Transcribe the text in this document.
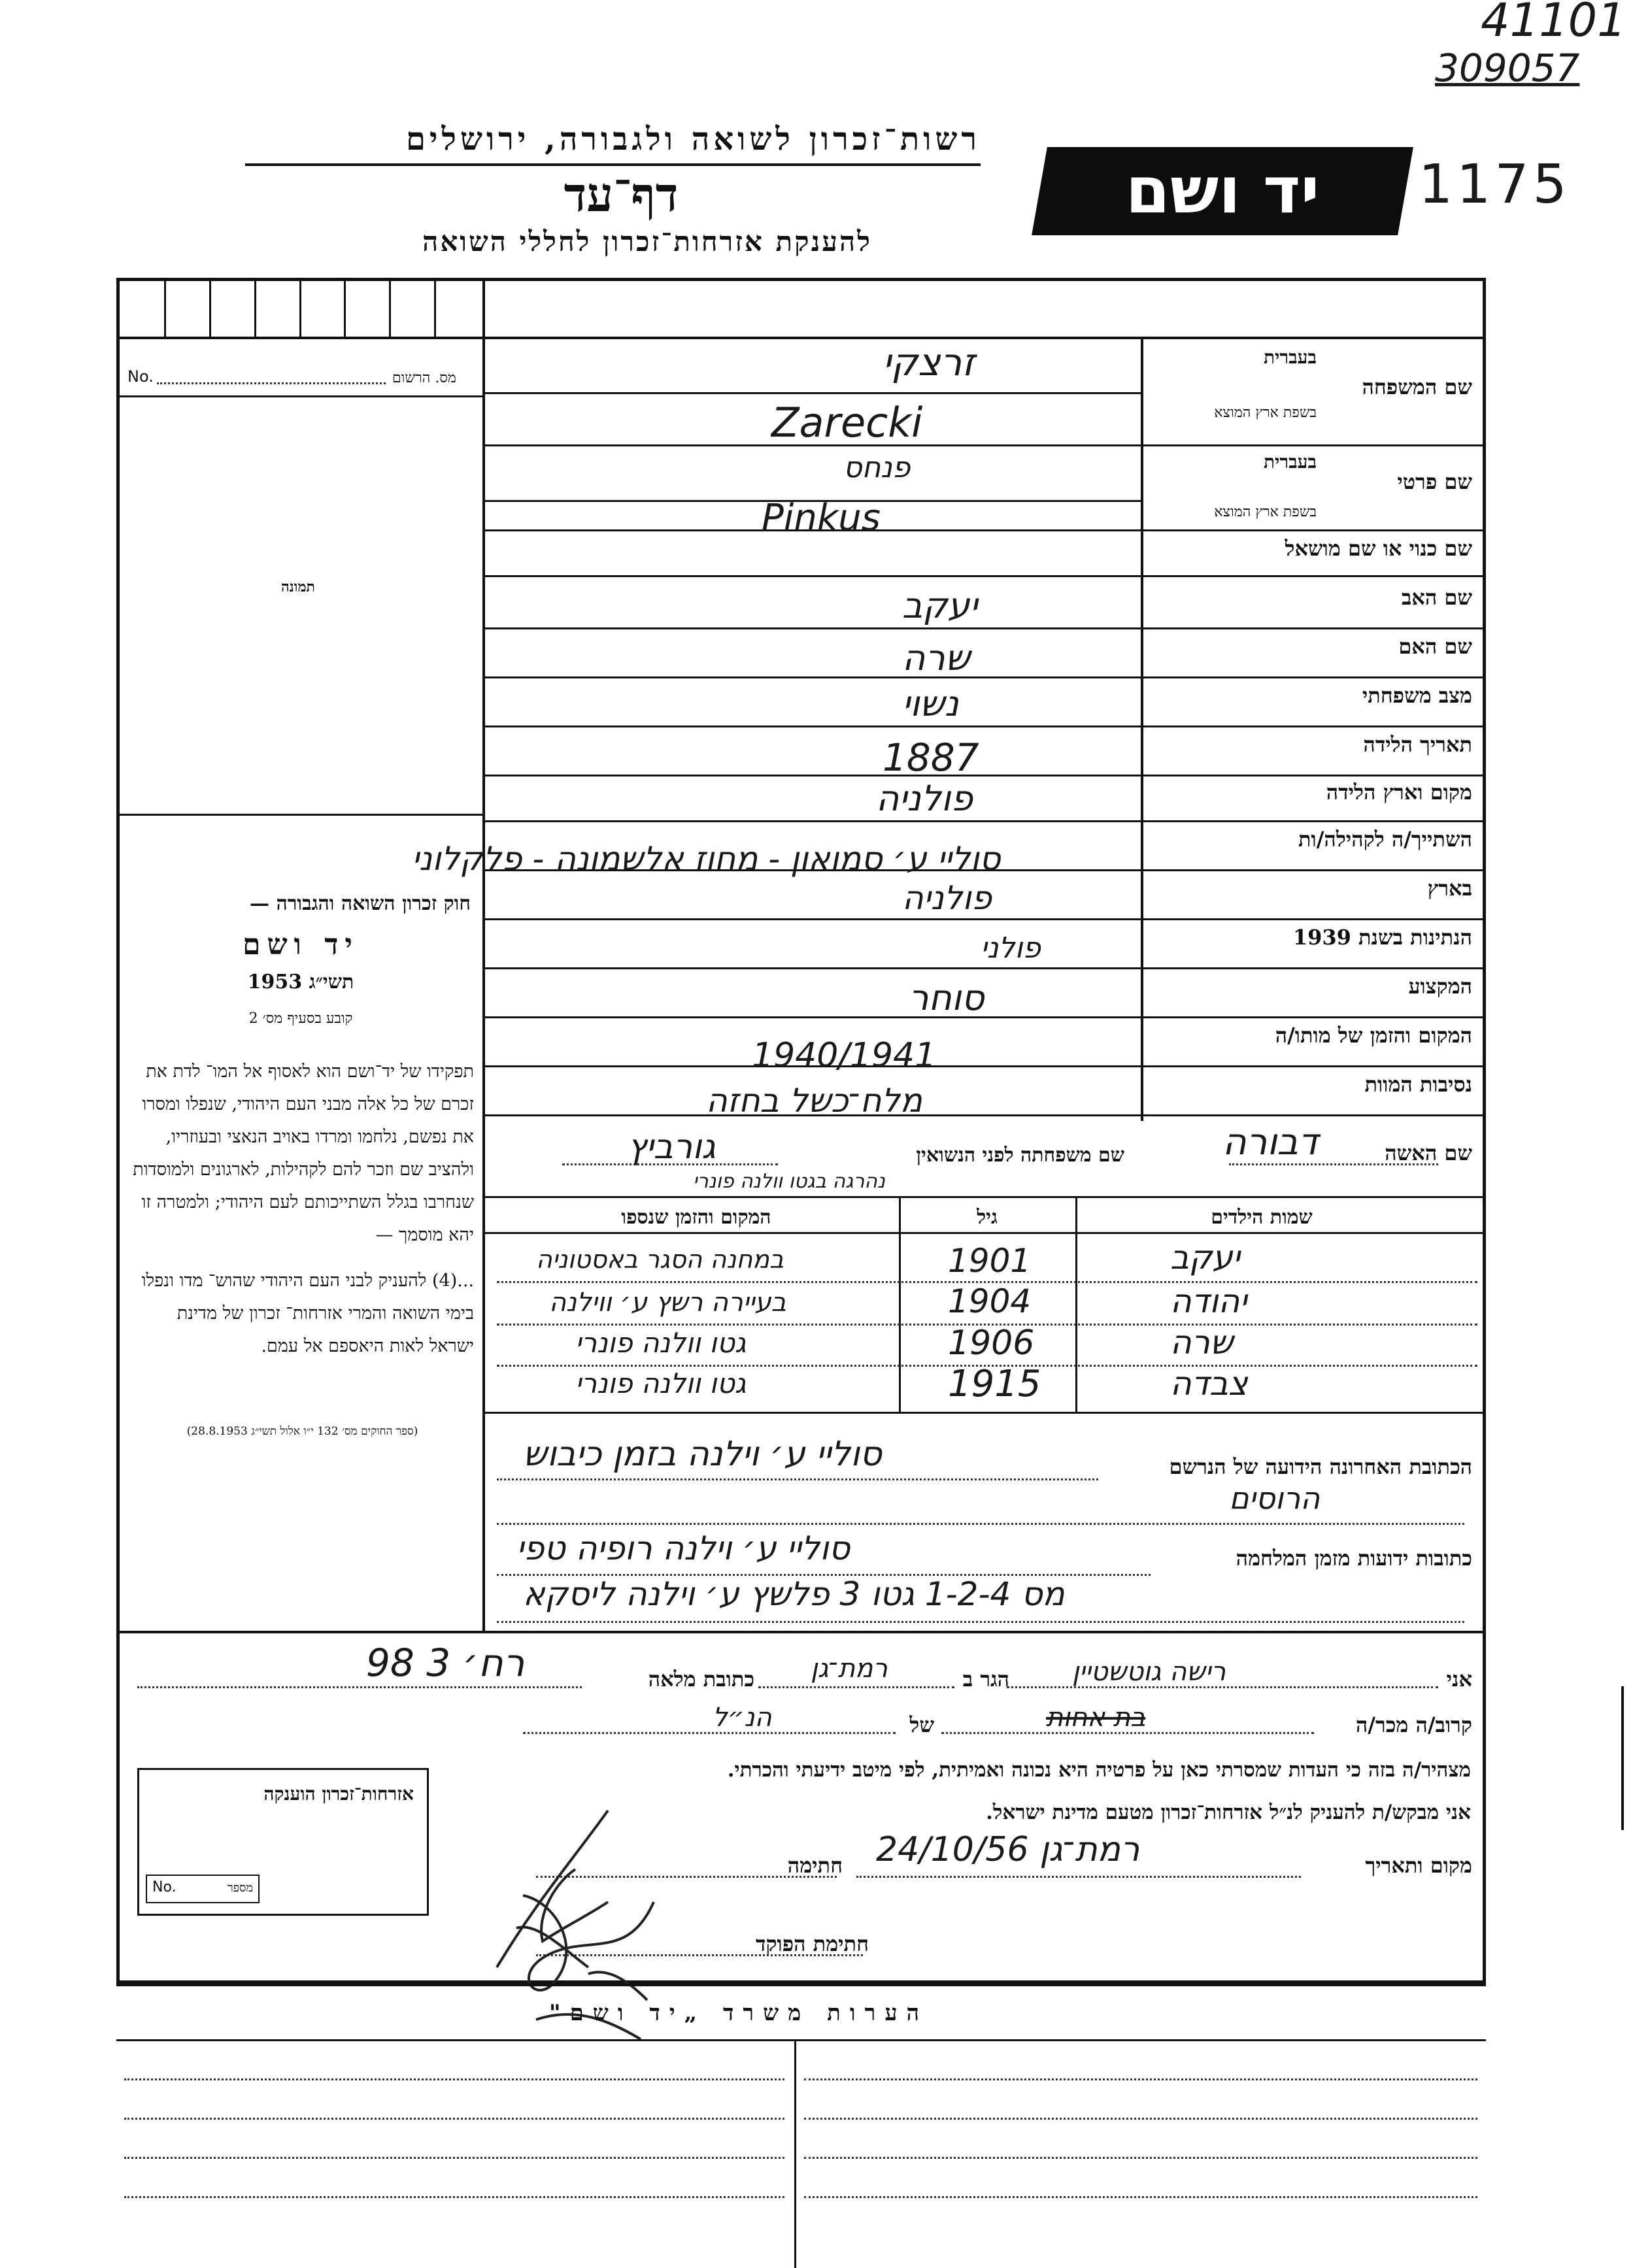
41101
309057
1175
רשות־זכרון לשואה ולגבורה, ירושלים
דף־עד
להענקת אזרחות־זכרון לחללי השואה
יד ושם
מס. הרשום
No.
תמונה
חוק זכרון השואה והגבורה —
יד ושם
תשי״ג 1953
קובע בסעיף מס׳ 2
תפקידו של יד־ושם הוא לאסוף אל המו־ לדת את זכרם של כל אלה מבני העם היהודי, שנפלו ומסרו את נפשם, נלחמו ומרדו באויב הנאצי ובעוזריו, ולהציב שם וזכר להם לקהילות, לארגונים ולמוסדות שנחרבו בגלל השתייכותם לעם היהודי; ולמטרה זו יהא מוסמך —
...(4) להעניק לבני העם היהודי שהוש־ מדו ונפלו בימי השואה והמרי אזרחות־ זכרון של מדינת ישראל לאות היאספם אל עמם.
(ספר החוקים מס׳ 132 י״ו אלול תשי״ג 28.8.1953)
שם המשפחה
בעברית
בשפת ארץ המוצא
שם פרטי
בעברית
בשפת ארץ המוצא
שם כנוי או שם מושאל
שם האב
שם האם
מצב משפחתי
תאריך הלידה
מקום וארץ הלידה
השתייך/ה לקהילה/ות
בארץ
הנתינות בשנת 1939
המקצוע
המקום והזמן של מותו/ה
נסיבות המוות
זרצקי
Zarecki
פנחס
Pinkus
יעקב
שרה
נשוי
1887
פולניה
סוליי ע׳ סמואון - מחוז אלשמונה - פלקלוני
פולניה
פולני
סוחר
1940/1941
מלח־כשל בחזה
שם האשה
דבורה
שם משפחתה לפני הנשואין
גורביץ
נהרגה בגטו וולנה פונרי
שמות הילדים
גיל
המקום והזמן שנספו
יעקב
1901
במחנה הסגר באסטוניה
יהודה
1904
בעיירה רשץ ע׳ ווילנה
שרה
1906
גטו וולנה פונרי
צבדה
1915
גטו וולנה פונרי
הכתובת האחרונה הידועה של הנרשם
סוליי ע׳ וילנה בזמן כיבוש
הרוסים
כתובות ידועות מזמן המלחמה
סוליי ע׳ וילנה רופיה טפי
מס 1-2-4 גטו 3 פלשץ ע׳ וילנה ליסקא
אני
רישה גוטשטיין
הגר ב
רמת־גן
כתובת מלאה
רח׳ 3 98
קרוב/ה מכר/ה
בת אחות
של
הנ״ל
מצהיר/ה בזה כי העדות שמסרתי כאן על פרטיה היא נכונה ואמיתית, לפי מיטב ידיעתי והכרתי.
אני מבקש/ת להעניק לנ״ל אזרחות־זכרון מטעם מדינת ישראל.
מקום ותאריך
רמת־גן 24/10/56
חתימה
חתימת הפוקד
אזרחות־זכרון הוענקה
No.	מספר
הערות משרד „יד ושם"
